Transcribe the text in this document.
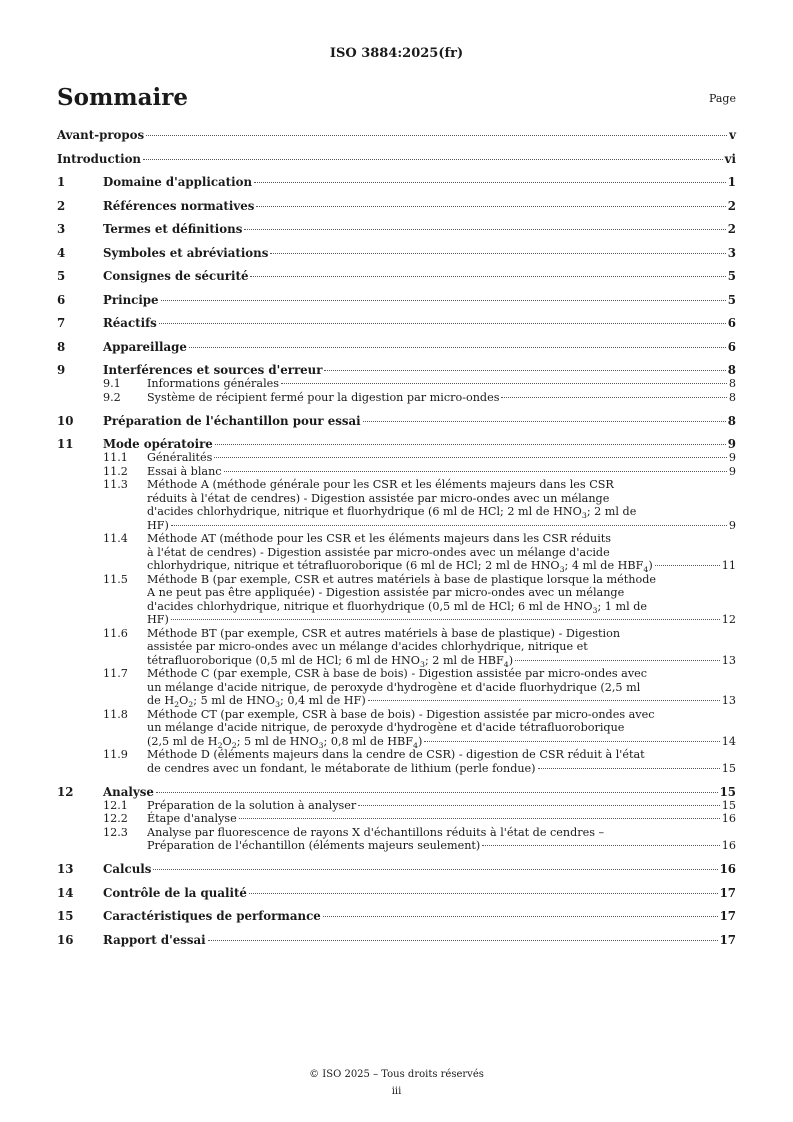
ISO 3884:2025(fr)
Sommaire	Page
Avant-propos	v
Introduction	vi
1	Domaine d'application	1
2	Références normatives	2
3	Termes et définitions	2
4	Symboles et abréviations	3
5	Consignes de sécurité	5
6	Principe	5
7	Réactifs	6
8	Appareillage	6
9	Interférences et sources d'erreur	8
9.1	Informations générales	8
9.2	Système de récipient fermé pour la digestion par micro-ondes	8
10	Préparation de l'échantillon pour essai	8
11	Mode opératoire	9
11.1	Généralités	9
11.2	Essai à blanc	9
11.3	Méthode A (méthode générale pour les CSR et les éléments majeurs dans les CSR
réduits à l'état de cendres) - Digestion assistée par micro-ondes avec un mélange
d'acides chlorhydrique, nitrique et fluorhydrique (6 ml de HCl; 2 ml de $HNO_3$; 2 ml de
HF)	9
11.4	Méthode AT (méthode pour les CSR et les éléments majeurs dans les CSR réduits
à l'état de cendres) - Digestion assistée par micro-ondes avec un mélange d'acide
chlorhydrique, nitrique et tétrafluoroborique (6 ml de HCl; 2 ml de $HNO_3$; 4 ml de $HBF_4$)	11
11.5	Méthode B (par exemple, CSR et autres matériels à base de plastique lorsque la méthode
A ne peut pas être appliquée) - Digestion assistée par micro-ondes avec un mélange
d'acides chlorhydrique, nitrique et fluorhydrique (0,5 ml de HCl; 6 ml de $HNO_3$; 1 ml de
HF)	12
11.6	Méthode BT (par exemple, CSR et autres matériels à base de plastique) - Digestion
assistée par micro-ondes avec un mélange d'acides chlorhydrique, nitrique et
tétrafluoroborique (0,5 ml de HCl; 6 ml de $HNO_3$; 2 ml de $HBF_4$)	13
11.7	Méthode C (par exemple, CSR à base de bois) - Digestion assistée par micro-ondes avec
un mélange d'acide nitrique, de peroxyde d'hydrogène et d'acide fluorhydrique (2,5 ml
de $H_2O_2$; 5 ml de $HNO_3$; 0,4 ml de HF)	13
11.8	Méthode CT (par exemple, CSR à base de bois) - Digestion assistée par micro-ondes avec
un mélange d'acide nitrique, de peroxyde d'hydrogène et d'acide tétrafluoroborique
(2,5 ml de $H_2O_2$; 5 ml de $HNO_3$; 0,8 ml de $HBF_4$)	14
11.9	Méthode D (éléments majeurs dans la cendre de CSR) - digestion de CSR réduit à l'état
de cendres avec un fondant, le métaborate de lithium (perle fondue)	15
12	Analyse	15
12.1	Préparation de la solution à analyser	15
12.2	Étape d'analyse	16
12.3	Analyse par fluorescence de rayons X d'échantillons réduits à l'état de cendres –
Préparation de l'échantillon (éléments majeurs seulement)	16
13	Calculs	16
14	Contrôle de la qualité	17
15	Caractéristiques de performance	17
16	Rapport d'essai	17
© ISO 2025 – Tous droits réservés
iii
